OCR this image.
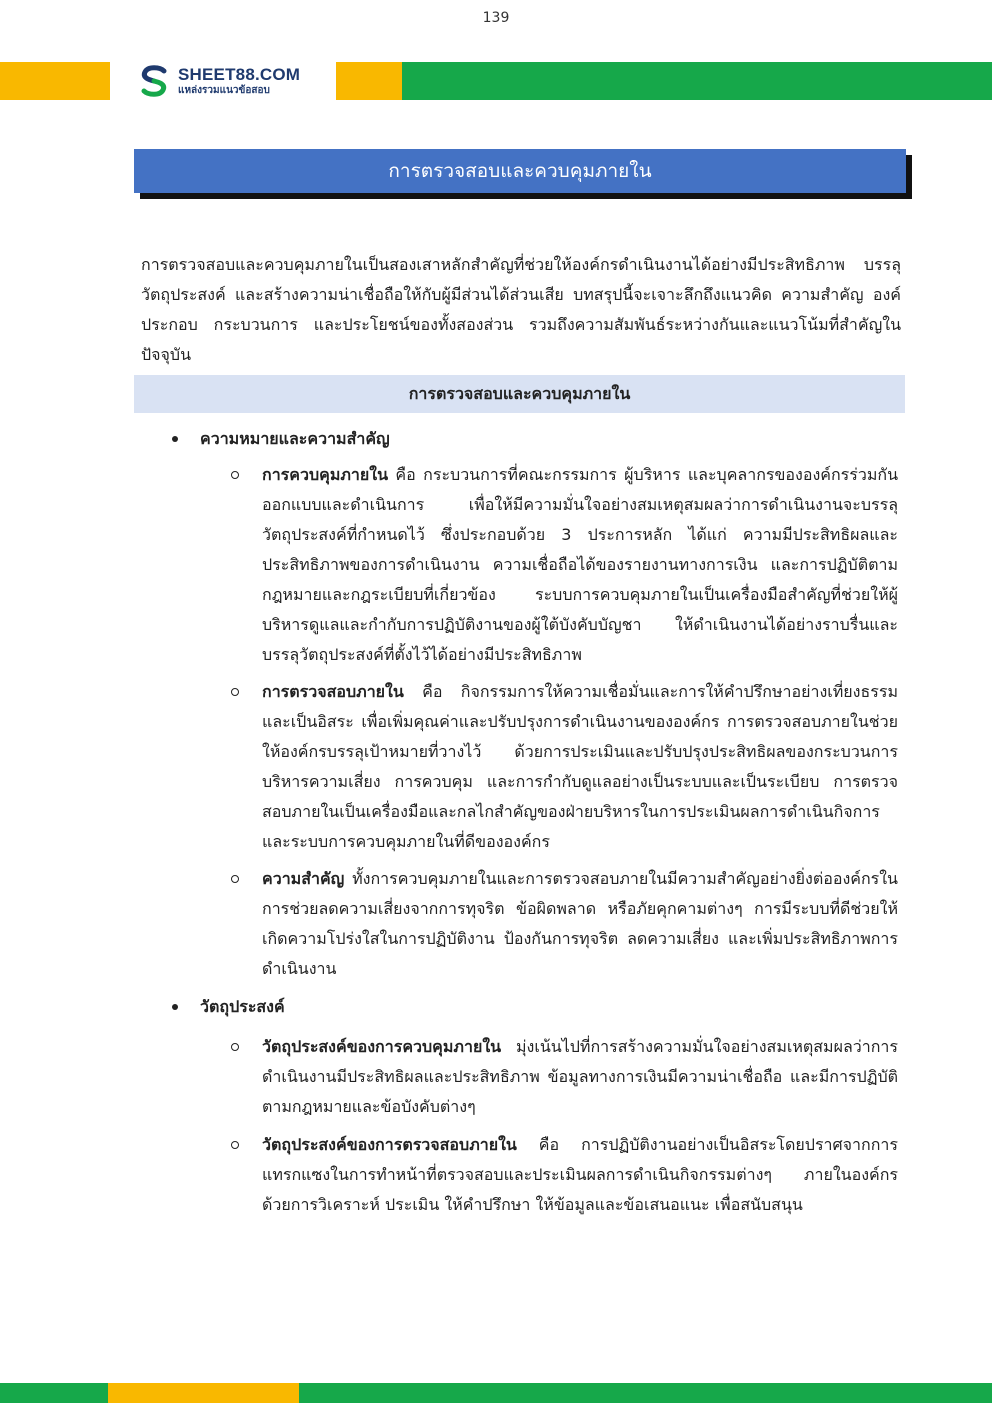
139
SHEET88.COM
แหล่งรวมแนวข้อสอบ
การตรวจสอบและควบคุมภายใน

การตรวจสอบและควบคุมภายในเป็นสองเสาหลักสำคัญที่ช่วยให้องค์กรดำเนินงานได้อย่างมีประสิทธิภาพ บรรลุวัตถุประสงค์ และสร้างความน่าเชื่อถือให้กับผู้มีส่วนได้ส่วนเสีย บทสรุปนี้จะเจาะลึกถึงแนวคิด ความสำคัญ องค์ประกอบ กระบวนการ และประโยชน์ของทั้งสองส่วน รวมถึงความสัมพันธ์ระหว่างกันและแนวโน้มที่สำคัญในปัจจุบัน

การตรวจสอบและควบคุมภายใน
ความหมายและความสำคัญ

การควบคุมภายใน คือ กระบวนการที่คณะกรรมการ ผู้บริหาร และบุคลากรขององค์กรร่วมกันออกแบบและดำเนินการ เพื่อให้มีความมั่นใจอย่างสมเหตุสมผลว่าการดำเนินงานจะบรรลุวัตถุประสงค์ที่กำหนดไว้ ซึ่งประกอบด้วย 3 ประการหลัก ได้แก่ ความมีประสิทธิผลและประสิทธิภาพของการดำเนินงาน ความเชื่อถือได้ของรายงานทางการเงิน และการปฏิบัติตามกฎหมายและกฎระเบียบที่เกี่ยวข้อง ระบบการควบคุมภายในเป็นเครื่องมือสำคัญที่ช่วยให้ผู้บริหารดูแลและกำกับการปฏิบัติงานของผู้ใต้บังคับบัญชา ให้ดำเนินงานได้อย่างราบรื่นและบรรลุวัตถุประสงค์ที่ตั้งไว้ได้อย่างมีประสิทธิภาพ

การตรวจสอบภายใน คือ กิจกรรมการให้ความเชื่อมั่นและการให้คำปรึกษาอย่างเที่ยงธรรมและเป็นอิสระ เพื่อเพิ่มคุณค่าและปรับปรุงการดำเนินงานขององค์กร การตรวจสอบภายในช่วยให้องค์กรบรรลุเป้าหมายที่วางไว้ ด้วยการประเมินและปรับปรุงประสิทธิผลของกระบวนการบริหารความเสี่ยง การควบคุม และการกำกับดูแลอย่างเป็นระบบและเป็นระเบียบ การตรวจสอบภายในเป็นเครื่องมือและกลไกสำคัญของฝ่ายบริหารในการประเมินผลการดำเนินกิจการและระบบการควบคุมภายในที่ดีขององค์กร

ความสำคัญ ทั้งการควบคุมภายในและการตรวจสอบภายในมีความสำคัญอย่างยิ่งต่อองค์กรในการช่วยลดความเสี่ยงจากการทุจริต ข้อผิดพลาด หรือภัยคุกคามต่างๆ การมีระบบที่ดีช่วยให้เกิดความโปร่งใสในการปฏิบัติงาน ป้องกันการทุจริต ลดความเสี่ยง และเพิ่มประสิทธิภาพการดำเนินงาน

วัตถุประสงค์

วัตถุประสงค์ของการควบคุมภายใน มุ่งเน้นไปที่การสร้างความมั่นใจอย่างสมเหตุสมผลว่าการดำเนินงานมีประสิทธิผลและประสิทธิภาพ ข้อมูลทางการเงินมีความน่าเชื่อถือ และมีการปฏิบัติตามกฎหมายและข้อบังคับต่างๆ

วัตถุประสงค์ของการตรวจสอบภายใน คือ การปฏิบัติงานอย่างเป็นอิสระโดยปราศจากการแทรกแซงในการทำหน้าที่ตรวจสอบและประเมินผลการดำเนินกิจกรรมต่างๆ ภายในองค์กรด้วยการวิเคราะห์ ประเมิน ให้คำปรึกษา ให้ข้อมูลและข้อเสนอแนะ เพื่อสนับสนุน
